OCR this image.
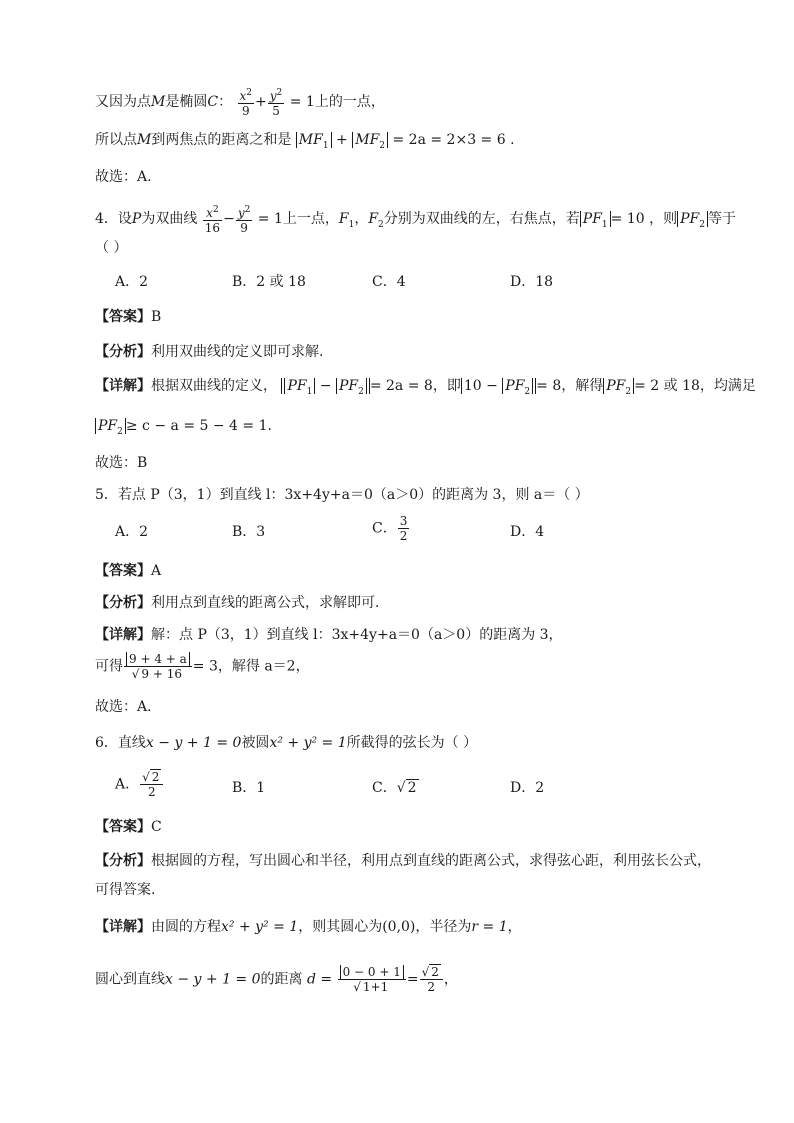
又因为点M是椭圆C： $\frac{x^2}{9} + \frac{y^2}{5} = 1$上的一点，
所以点M到两焦点的距离之和是 $MF_1 + MF_2 = 2a = 2\times 3 = 6$ .
故选：A.
4．设P为双曲线 $\frac{x^2}{16} - \frac{y^2}{9} = 1$上一点，$F_1$，$F_2$分别为双曲线的左，右焦点，若 $PF_1 = 10$ ，则 $PF_2$ 等于
（ ）
A．2	B．2 或 18	C．4	D．18
【答案】B
【分析】利用双曲线的定义即可求解.
【详解】根据双曲线的定义， $PF_1 - PF_2 = 2a = 8$，即 $10 - PF_2 = 8$，解得 $PF_2 = 2$ 或 18，均满足
$PF_2 \ge c - a = 5 - 4 = 1$.
故选：B
5．若点 P（3，1）到直线 l：3x+4y+a＝0（a＞0）的距离为 3，则 a＝（ ）
A．2	B．3	C． $\frac{3}{2}$	D．4
【答案】A
【分析】利用点到直线的距离公式，求解即可．
【详解】解：点 P（3，1）到直线 l：3x+4y+a＝0（a＞0）的距离为 3，
可得 $\frac{9 + 4 + a}{√ 9 + 16} = 3$，解得 a＝2，
故选：A.
6．直线x − y + 1 = 0被圆x² + y² = 1所截得的弦长为（ ）
A． $\frac{√ 2}{2}$	B．1	C．√ 2	D．2
【答案】C
【分析】根据圆的方程，写出圆心和半径，利用点到直线的距离公式，求得弦心距，利用弦长公式，
可得答案.
【详解】由圆的方程x² + y² = 1，则其圆心为(0,0)，半径为r = 1，
圆心到直线x − y + 1 = 0的距离 $d = \frac{0 - 0 + 1}{√ 1+1} = \frac{√ 2}{2}$ ，
